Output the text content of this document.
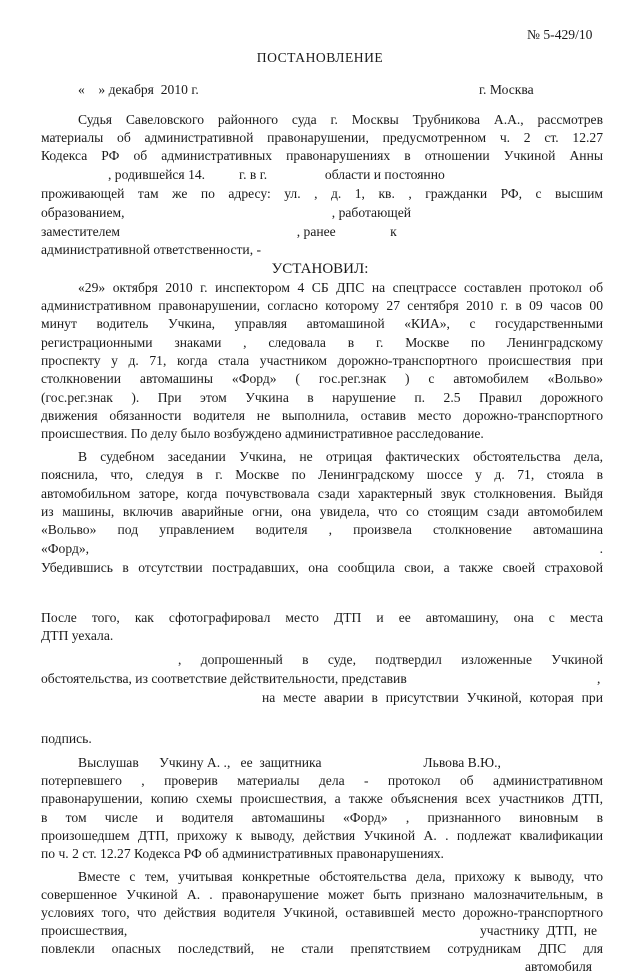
№ 5-429/10
ПОСТАНОВЛЕНИЕ
«    » декабря  2010 г.	г. Москва
Судья Савеловского районного суда г. Москвы Трубникова А.А., рассмотрев
материалы об административной правонарушении, предусмотренном ч. 2 ст. 12.27
Кодекса РФ об административных правонарушениях в отношении Учкиной Анны
, родившейся 14.          г. в г.                 области и постоянно
проживающей там же по адресу: ул. , д. 1, кв. , гражданки РФ, с высшим
образованием,                                                             , работающей
заместителем                                                    , ранее                к
административной ответственности, -
УСТАНОВИЛ:
«29» октября 2010 г. инспектором 4 СБ ДПС на спецтрассе составлен протокол об
административном правонарушении, согласно которому 27 сентября 2010 г. в 09 часов 00
минут водитель Учкина, управляя автомашиной «КИА», с государственными
регистрационными знаками , следовала в г. Москве по Ленинградскому
проспекту у д. 71, когда стала участником дорожно-транспортного происшествия при
столкновении автомашины «Форд» ( гос.рег.знак ) с автомобилем «Вольво»
(гос.рег.знак ). При этом Учкина в нарушение п. 2.5 Правил дорожного
движения обязанности водителя не выполнила, оставив место дорожно-транспортного
происшествия. По делу было возбуждено административное расследование.
В судебном заседании Учкина, не отрицая фактических обстоятельства дела,
пояснила, что, следуя в г. Москве по Ленинградскому шоссе у д. 71, стояла в
автомобильном заторе, когда почувствовала сзади характерный звук столкновения. Выйдя
из машины, включив аварийные огни, она увидела, что со стоящим сзади автомобилем
«Вольво» под управлением водителя , произвела столкновение автомашина
«Форд», .
Убедившись в отсутствии пострадавших, она сообщила свои, а также своей страховой
После того, как сфотографировал место ДТП и ее автомашину, она с места
ДТП уехала.
, допрошенный в суде, подтвердил изложенные Учкиной
обстоятельства, из соответствие действительности, представив	,
на месте аварии в присутствии Учкиной, которая при
подпись.
Выслушав      Учкину А. .,   ее  защитника                              Львова В.Ю.,
потерпевшего , проверив материалы дела - протокол об административном
правонарушении, копию схемы происшествия, а также объяснения всех участников ДТП,
в том числе и водителя автомашины «Форд» , признанного виновным в
произошедшем ДТП, прихожу к выводу, действия Учкиной А. . подлежат квалификации
по ч. 2 ст. 12.27 Кодекса РФ об административных правонарушениях.
Вместе с тем, учитывая конкретные обстоятельства дела, прихожу к выводу, что
совершенное Учкиной А. . правонарушение может быть признано малозначительным, в
условиях того, что действия водителя Учкиной, оставившей место дорожно-транспортного
происшествия,	участнику  ДТП,  не
повлекли опасных последствий, не стали препятствием сотрудникам ДПС для
автомобиля
